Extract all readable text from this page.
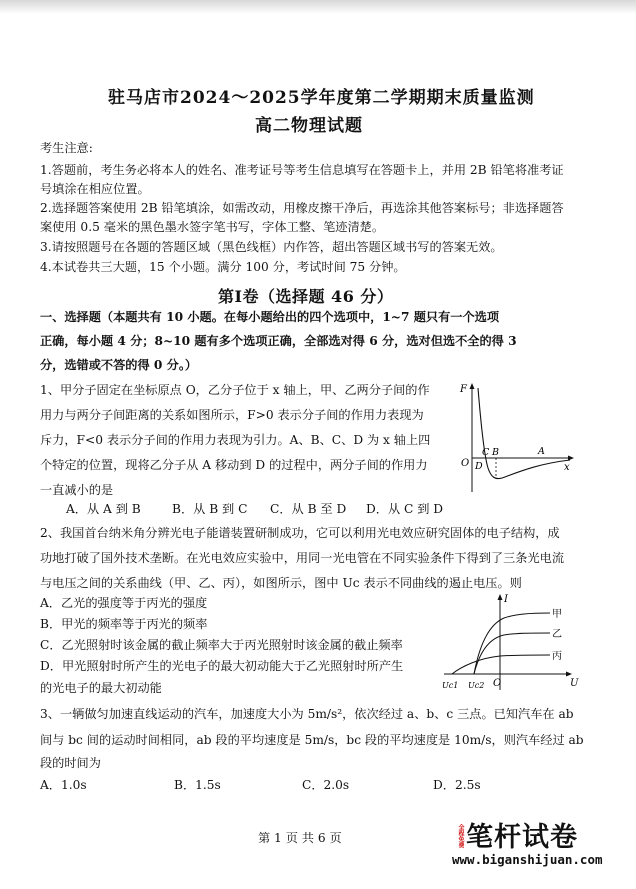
驻马店市2024～2025学年度第二学期期末质量监测
高二物理试题
考生注意:
1.答题前，考生务必将本人的姓名、准考证号等考生信息填写在答题卡上，并用 2B 铅笔将准考证
号填涂在相应位置。
2.选择题答案使用 2B 铅笔填涂，如需改动，用橡皮擦干净后，再选涂其他答案标号；非选择题答
案使用 0.5 毫米的黑色墨水签字笔书写，字体工整、笔迹清楚。
3.请按照题号在各题的答题区域（黑色线框）内作答，超出答题区域书写的答案无效。
4.本试卷共三大题，15 个小题。满分 100 分，考试时间 75 分钟。
第Ⅰ卷（选择题 46 分）
一、选择题（本题共有 10 小题。在每小题给出的四个选项中，1~7 题只有一个选项
正确，每小题 4 分；8~10 题有多个选项正确，全部选对得 6 分，选对但选不全的得 3
分，选错或不答的得 0 分。）
1、甲分子固定在坐标原点 O，乙分子位于 x 轴上，甲、乙两分子间的作
用力与两分子间距离的关系如图所示，F>0 表示分子间的作用力表现为
斥力，F<0 表示分子间的作用力表现为引力。A、B、C、D 为 x 轴上四
个特定的位置，现将乙分子从 A 移动到 D 的过程中，两分子间的作用力
一直减小的是
A．从 A 到 B	B．从 B 到 C C．从 B 至 D D．从 C 到 D
F
O
C B	A
D	x
2、我国首台纳米角分辨光电子能谱装置研制成功，它可以利用光电效应研究固体的电子结构，成
功地打破了国外技术垄断。在光电效应实验中，用同一光电管在不同实验条件下得到了三条光电流
与电压之间的关系曲线（甲、乙、丙），如图所示，图中 Uc 表示不同曲线的遏止电压。则
A．乙光的强度等于丙光的强度
B．甲光的频率等于丙光的频率
C．乙光照射时该金属的截止频率大于丙光照射时该金属的截止频率
D．甲光照射时所产生的光电子的最大初动能大于乙光照射时所产生
的光电子的最大初动能
I
甲
乙
丙
U
O
Uc1 Uc2
3、一辆做匀加速直线运动的汽车，加速度大小为 5m/s²，依次经过 a、b、c 三点。已知汽车在 ab
间与 bc 间的运动时间相同，ab 段的平均速度是 5m/s，bc 段的平均速度是 10m/s，则汽车经过 ab
段的时间为
A．1.0s	B．1.5s	C．2.0s	D．2.5s
第 1 页 共 6 页	全程免费 笔杆试卷
www.biganshijuan.com
